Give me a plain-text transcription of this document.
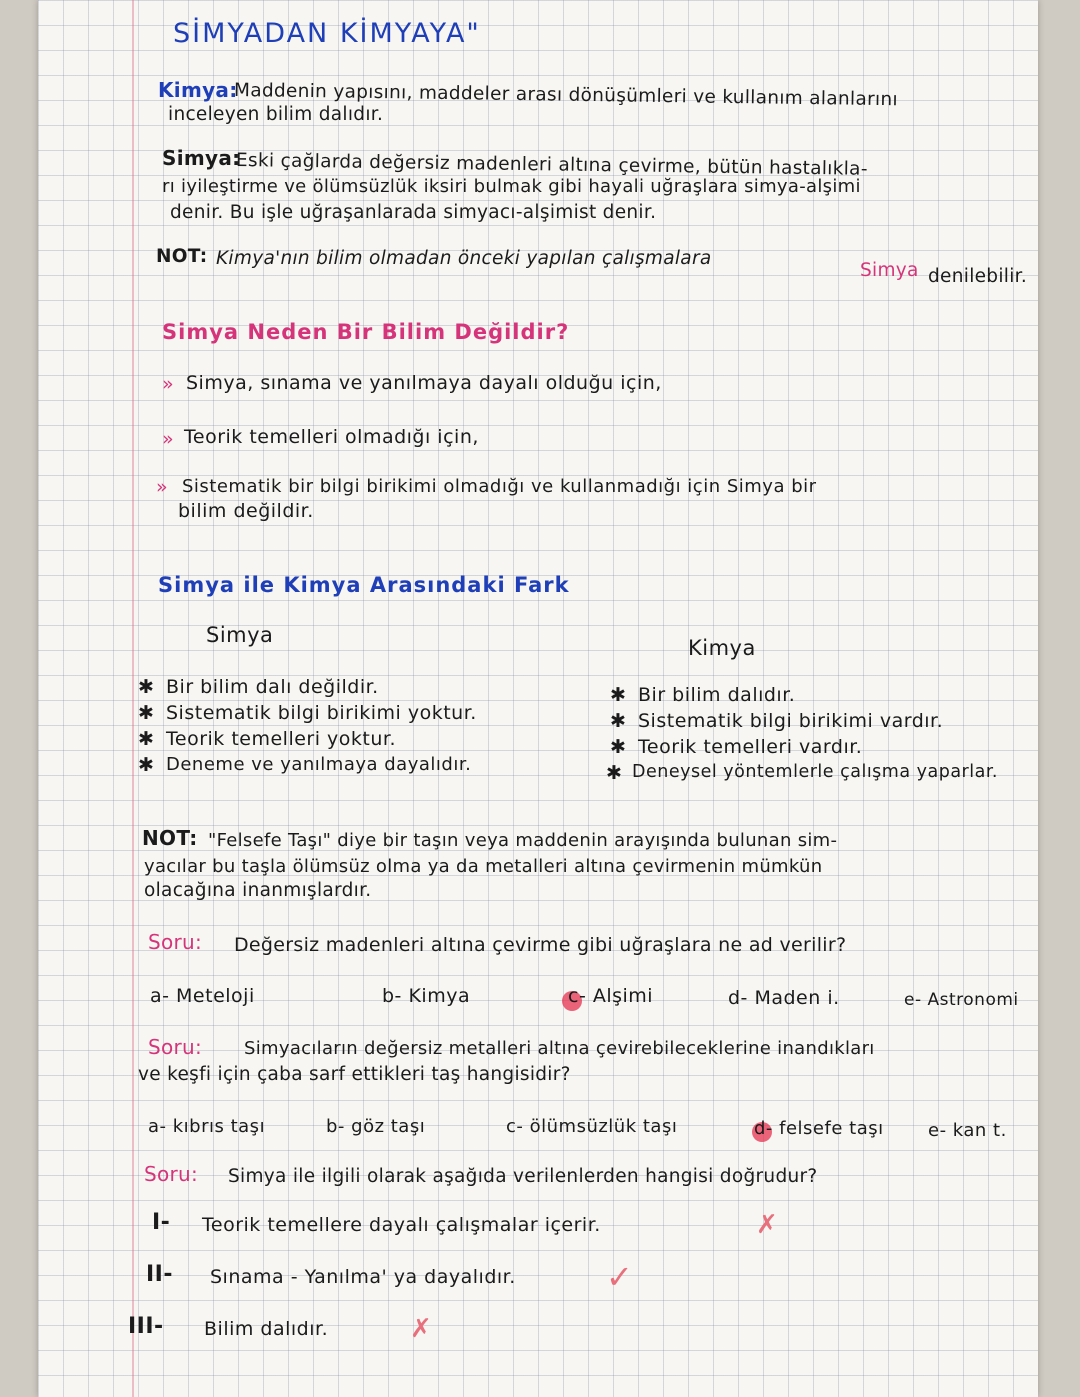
SİMYADAN KİMYAYA"
Kimya:
Maddenin yapısını, maddeler arası dönüşümleri ve kullanım alanlarını
inceleyen bilim dalıdır.
Simya:
Eski çağlarda değersiz madenleri altına çevirme, bütün hastalıkla-
rı iyileştirme ve ölümsüzlük iksiri bulmak gibi hayali uğraşlara simya-alşimi
denir. Bu işle uğraşanlarada simyacı-alşimist denir.
NOT: Kimya'nın bilim olmadan önceki yapılan çalışmalara
Simya denilebilir.
Simya Neden Bir Bilim Değildir?
» Simya, sınama ve yanılmaya dayalı olduğu için,
» Teorik temelleri olmadığı için,
» Sistematik bir bilgi birikimi olmadığı ve kullanmadığı için Simya bir
bilim değildir.
Simya ile Kimya Arasındaki Fark
Simya
Kimya
✱ Bir bilim dalı değildir.
✱ Sistematik bilgi birikimi yoktur.
✱ Teorik temelleri yoktur.
✱ Deneme ve yanılmaya dayalıdır.
✱ Bir bilim dalıdır.
✱ Sistematik bilgi birikimi vardır.
✱ Teorik temelleri vardır.
✱ Deneysel yöntemlerle çalışma yaparlar.
NOT: "Felsefe Taşı" diye bir taşın veya maddenin arayışında bulunan sim-
yacılar bu taşla ölümsüz olma ya da metalleri altına çevirmenin mümkün
olacağına inanmışlardır.
Soru: Değersiz madenleri altına çevirme gibi uğraşlara ne ad verilir?
a- Meteloji	b- Kimya	c- Alşimi	d- Maden i.	e- Astronomi
Soru: Simyacıların değersiz metalleri altına çevirebileceklerine inandıkları
ve keşfi için çaba sarf ettikleri taş hangisidir?
a- kıbrıs taşı	b- göz taşı	c- ölümsüzlük taşı	d- felsefe taşı e- kan t.
Soru: Simya ile ilgili olarak aşağıda verilenlerden hangisi doğrudur?
I- Teorik temellere dayalı çalışmalar içerir.	✗
II- Sınama - Yanılma' ya dayalıdır.	✓
III- Bilim dalıdır.	✗
